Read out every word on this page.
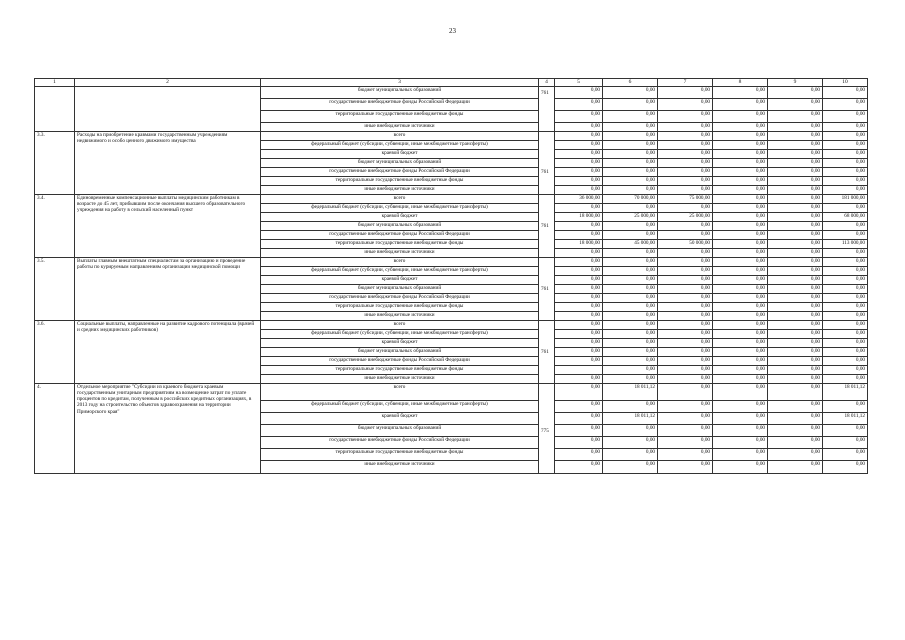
23
1	2	3	4	5	6	7	8	9	10
		бюджет муниципальных образований	761	0,00	0,00	0,00	0,00	0,00	0,00
		государственные внебюджетные фонды Российской Федерации		0,00	0,00	0,00	0,00	0,00	0,00
		территориальные государственные внебюджетные фонды		0,00	0,00	0,00	0,00	0,00	0,00
		иные внебюджетные источники		0,00	0,00	0,00	0,00	0,00	0,00
3.3.	Расходы на приобретение кравмами государственным учреждениям недвижимого и особо ценного движимого имущества	всего	761	0,00	0,00	0,00	0,00	0,00	0,00
		федеральный бюджет (субсидии, субвенции, иные межбюджетные трансферты)		0,00	0,00	0,00	0,00	0,00	0,00
		краевой бюджет		0,00	0,00	0,00	0,00	0,00	0,00
		бюджет муниципальных образований		0,00	0,00	0,00	0,00	0,00	0,00
		государственные внебюджетные фонды Российской Федерации		0,00	0,00	0,00	0,00	0,00	0,00
		территориальные государственные внебюджетные фонды		0,00	0,00	0,00	0,00	0,00	0,00
		иные внебюджетные источники		0,00	0,00	0,00	0,00	0,00	0,00
3.4.	Единовременные компенсационные выплаты медицинским работникам в возрасте до 45 лет, прибывшим после окончания высшего образовательного учреждения на работу в сельский населенный пункт	всего	761	36 000,00	70 000,00	75 000,00	0,00	0,00	181 000,00
		федеральный бюджет (субсидии, субвенции, иные межбюджетные трансферты)		0,00	0,00	0,00	0,00	0,00	0,00
		краевой бюджет		18 000,00	25 000,00	25 000,00	0,00	0,00	68 000,00
		бюджет муниципальных образований		0,00	0,00	0,00	0,00	0,00	0,00
		государственные внебюджетные фонды Российской Федерации		0,00	0,00	0,00	0,00	0,00	0,00
		территориальные государственные внебюджетные фонды		18 000,00	45 000,00	50 000,00	0,00	0,00	113 000,00
		иные внебюджетные источники		0,00	0,00	0,00	0,00	0,00	0,00
3.5.	Выплаты главным внештатным специалистам за организацию и проведение работы по курируемым направлениям организации медицинской помощи	всего	761	0,00	0,00	0,00	0,00	0,00	0,00
		федеральный бюджет (субсидии, субвенции, иные межбюджетные трансферты)		0,00	0,00	0,00	0,00	0,00	0,00
		краевой бюджет		0,00	0,00	0,00	0,00	0,00	0,00
		бюджет муниципальных образований		0,00	0,00	0,00	0,00	0,00	0,00
		государственные внебюджетные фонды Российской Федерации		0,00	0,00	0,00	0,00	0,00	0,00
		территориальные государственные внебюджетные фонды		0,00	0,00	0,00	0,00	0,00	0,00
		иные внебюджетные источники		0,00	0,00	0,00	0,00	0,00	0,00
3.6.	Социальные выплаты, направленные на развитие кадрового потенциала (врачей и средних медицинских работников)	всего	761	0,00	0,00	0,00	0,00	0,00	0,00
		федеральный бюджет (субсидии, субвенции, иные межбюджетные трансферты)		0,00	0,00	0,00	0,00	0,00	0,00
		краевой бюджет		0,00	0,00	0,00	0,00	0,00	0,00
		бюджет муниципальных образований		0,00	0,00	0,00	0,00	0,00	0,00
		государственные внебюджетные фонды Российской Федерации		0,00	0,00	0,00	0,00	0,00	0,00
		территориальные государственные внебюджетные фонды			0,00	0,00	0,00	0,00	0,00
		иные внебюджетные источники		0,00	0,00	0,00	0,00	0,00	0,00
4.	Отдельное мероприятие "Субсидии из краевого бюджета краевым государственным унитарным предприятиям на возмещение затрат по уплате процентов по кредитам, полученным в российских кредитных организациях, в 2013 году на строительство объектов здравоохранения на территории Приморского края"	всего	775	0,00	18 011,12	0,00	0,00	0,00	18 011,12
		федеральный бюджет (субсидии, субвенции, иные межбюджетные трансферты)		0,00	0,00	0,00	0,00	0,00	0,00
		краевой бюджет		0,00	18 011,12	0,00	0,00	0,00	18 011,12
		бюджет муниципальных образований		0,00	0,00	0,00	0,00	0,00	0,00
		государственные внебюджетные фонды Российской Федерации		0,00	0,00	0,00	0,00	0,00	0,00
		территориальные государственные внебюджетные фонды		0,00	0,00	0,00	0,00	0,00	0,00
		иные внебюджетные источники		0,00	0,00	0,00	0,00	0,00	0,00
